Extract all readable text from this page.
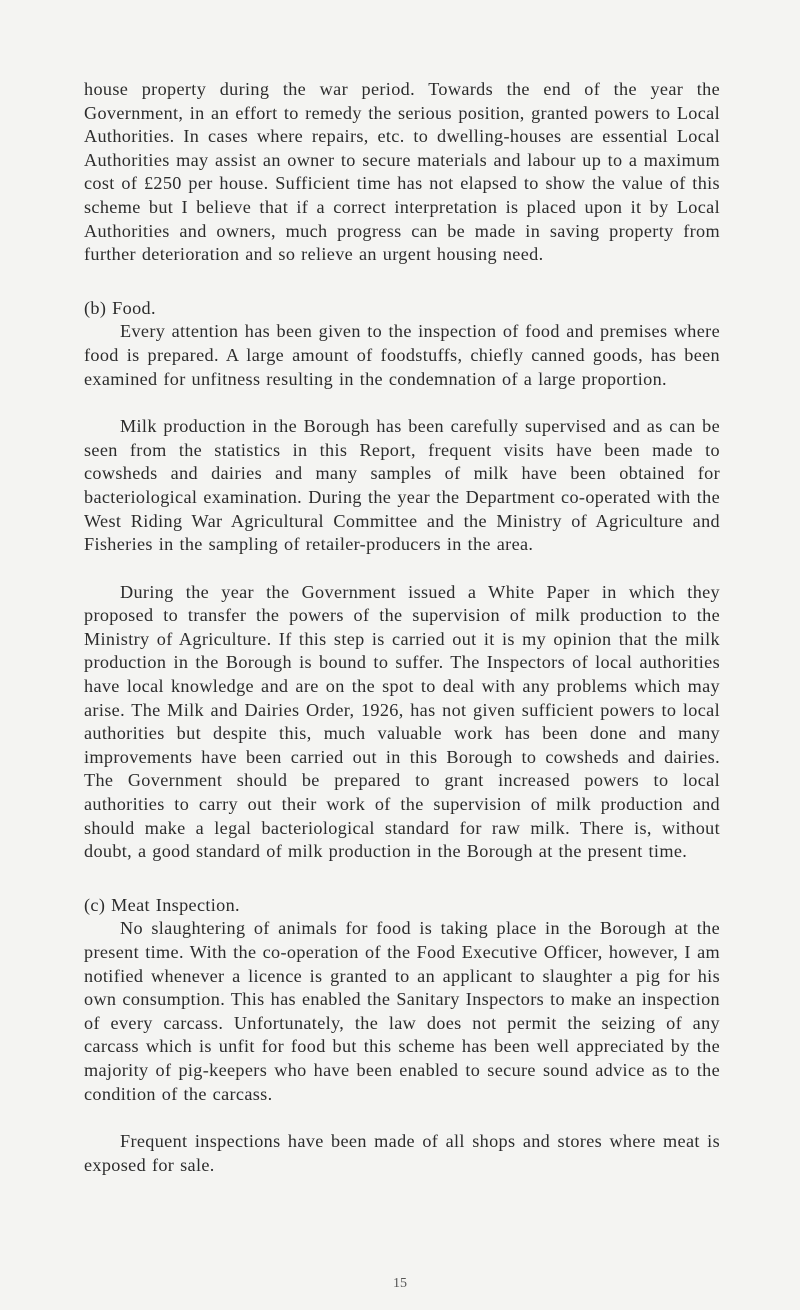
house property during the war period. Towards the end of the year the Government, in an effort to remedy the serious position, granted powers to Local Authorities. In cases where repairs, etc. to dwelling-houses are essential Local Authorities may assist an owner to secure materials and labour up to a maximum cost of £250 per house. Sufficient time has not elapsed to show the value of this scheme but I believe that if a correct interpretation is placed upon it by Local Authorities and owners, much progress can be made in saving property from further deterioration and so relieve an urgent housing need.

(b) Food.

Every attention has been given to the inspection of food and premises where food is prepared. A large amount of foodstuffs, chiefly canned goods, has been examined for unfitness resulting in the condemnation of a large proportion.

Milk production in the Borough has been carefully supervised and as can be seen from the statistics in this Report, frequent visits have been made to cowsheds and dairies and many samples of milk have been obtained for bacteriological examination. During the year the Department co-operated with the West Riding War Agricultural Committee and the Ministry of Agriculture and Fisheries in the sampling of retailer-producers in the area.

During the year the Government issued a White Paper in which they proposed to transfer the powers of the supervision of milk production to the Ministry of Agriculture. If this step is carried out it is my opinion that the milk production in the Borough is bound to suffer. The Inspectors of local authorities have local knowledge and are on the spot to deal with any problems which may arise. The Milk and Dairies Order, 1926, has not given sufficient powers to local authorities but despite this, much valuable work has been done and many improvements have been carried out in this Borough to cowsheds and dairies. The Government should be prepared to grant increased powers to local authorities to carry out their work of the supervision of milk production and should make a legal bacteriological standard for raw milk. There is, without doubt, a good standard of milk production in the Borough at the present time.

(c) Meat Inspection.

No slaughtering of animals for food is taking place in the Borough at the present time. With the co-operation of the Food Executive Officer, however, I am notified whenever a licence is granted to an applicant to slaughter a pig for his own consumption. This has enabled the Sanitary Inspectors to make an inspection of every carcass. Unfortunately, the law does not permit the seizing of any carcass which is unfit for food but this scheme has been well appreciated by the majority of pig-keepers who have been enabled to secure sound advice as to the condition of the carcass.

Frequent inspections have been made of all shops and stores where meat is exposed for sale.

15
